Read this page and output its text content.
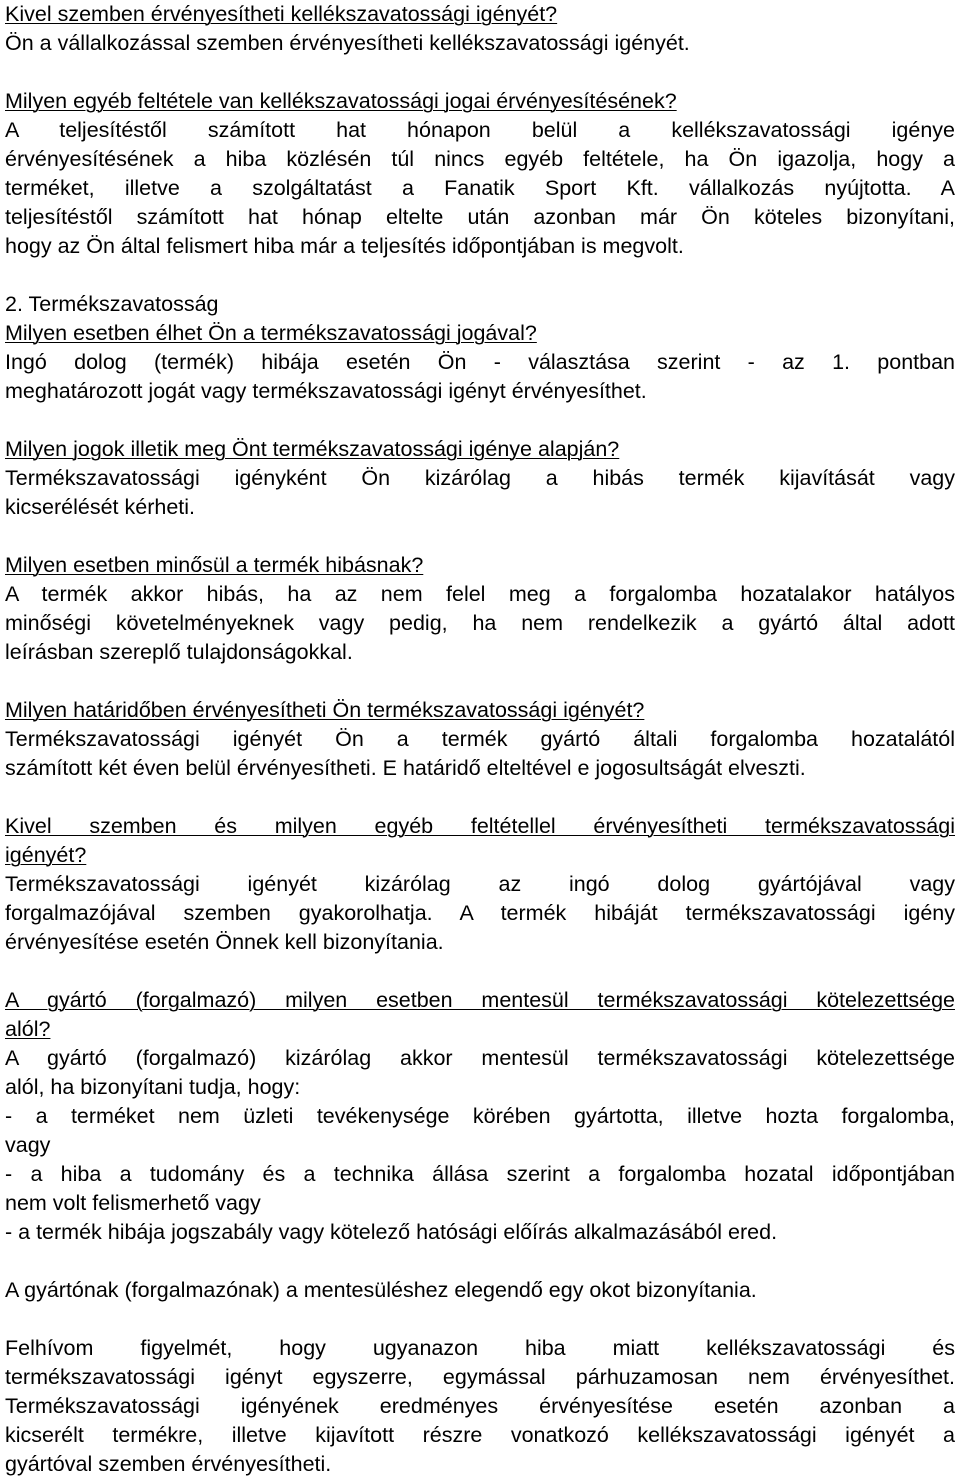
Kivel szemben érvényesítheti kellékszavatossági igényét?
Ön a vállalkozással szemben érvényesítheti kellékszavatossági igényét.
Milyen egyéb feltétele van kellékszavatossági jogai érvényesítésének?
A teljesítéstől számított hat hónapon belül a kellékszavatossági igénye
érvényesítésének a hiba közlésén túl nincs egyéb feltétele, ha Ön igazolja, hogy a
terméket, illetve a szolgáltatást a Fanatik Sport Kft. vállalkozás nyújtotta. A
teljesítéstől számított hat hónap eltelte után azonban már Ön köteles bizonyítani,
hogy az Ön által felismert hiba már a teljesítés időpontjában is megvolt.
2. Termékszavatosság
Milyen esetben élhet Ön a termékszavatossági jogával?
Ingó dolog (termék) hibája esetén Ön - választása szerint - az 1. pontban
meghatározott jogát vagy termékszavatossági igényt érvényesíthet.
Milyen jogok illetik meg Önt termékszavatossági igénye alapján?
Termékszavatossági igényként Ön kizárólag a hibás termék kijavítását vagy
kicserélését kérheti.
Milyen esetben minősül a termék hibásnak?
A termék akkor hibás, ha az nem felel meg a forgalomba hozatalakor hatályos
minőségi követelményeknek vagy pedig, ha nem rendelkezik a gyártó által adott
leírásban szereplő tulajdonságokkal.
Milyen határidőben érvényesítheti Ön termékszavatossági igényét?
Termékszavatossági igényét Ön a termék gyártó általi forgalomba hozatalától
számított két éven belül érvényesítheti. E határidő elteltével e jogosultságát elveszti.
Kivel szemben és milyen egyéb feltétellel érvényesítheti termékszavatossági
igényét?
Termékszavatossági igényét kizárólag az ingó dolog gyártójával vagy
forgalmazójával szemben gyakorolhatja. A termék hibáját termékszavatossági igény
érvényesítése esetén Önnek kell bizonyítania.
A gyártó (forgalmazó) milyen esetben mentesül termékszavatossági kötelezettsége
alól?
A gyártó (forgalmazó) kizárólag akkor mentesül termékszavatossági kötelezettsége
alól, ha bizonyítani tudja, hogy:
- a terméket nem üzleti tevékenysége körében gyártotta, illetve hozta forgalomba,
vagy
- a hiba a tudomány és a technika állása szerint a forgalomba hozatal időpontjában
nem volt felismerhető vagy
- a termék hibája jogszabály vagy kötelező hatósági előírás alkalmazásából ered.
A gyártónak (forgalmazónak) a mentesüléshez elegendő egy okot bizonyítania.
Felhívom figyelmét, hogy ugyanazon hiba miatt kellékszavatossági és
termékszavatossági igényt egyszerre, egymással párhuzamosan nem érvényesíthet.
Termékszavatossági igényének eredményes érvényesítése esetén azonban a
kicserélt termékre, illetve kijavított részre vonatkozó kellékszavatossági igényét a
gyártóval szemben érvényesítheti.
